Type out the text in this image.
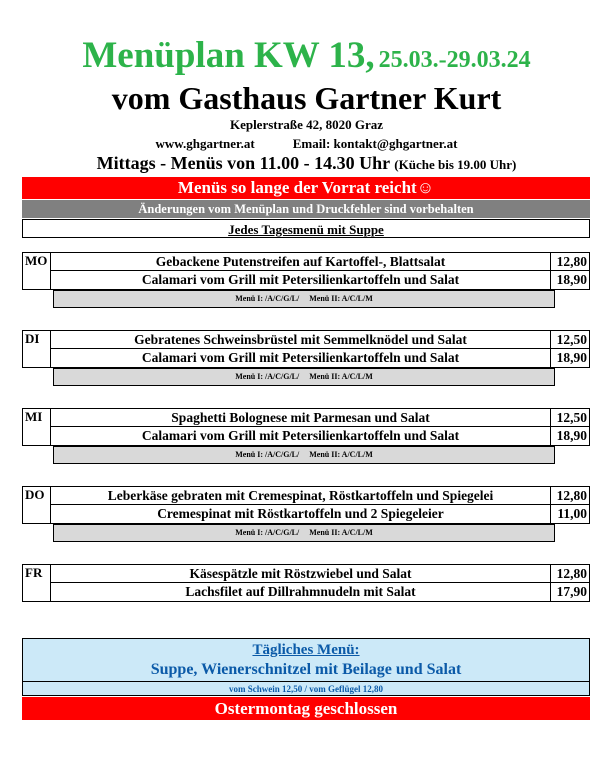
Menüplan KW 13, 25.03.-29.03.24
vom Gasthaus Gartner Kurt
Keplerstraße 42, 8020 Graz
www.ghgartner.at	Email: kontakt@ghgartner.at
Mittags - Menüs von 11.00 - 14.30 Uhr (Küche bis 19.00 Uhr)
Menüs so lange der Vorrat reicht☺
Änderungen vom Menüplan und Druckfehler sind vorbehalten
Jedes Tagesmenü mit Suppe
MO	Gebackene Putenstreifen auf Kartoffel-, Blattsalat	12,80
Calamari vom Grill mit Petersilienkartoffeln und Salat	18,90
Menü I: /A/C/G/L/     Menü II: A/C/L/M
DI	Gebratenes Schweinsbrüstel mit Semmelknödel und Salat	12,50
Calamari vom Grill mit Petersilienkartoffeln und Salat	18,90
Menü I: /A/C/G/L/     Menü II: A/C/L/M
MI	Spaghetti Bolognese mit Parmesan und Salat	12,50
Calamari vom Grill mit Petersilienkartoffeln und Salat	18,90
Menü I: /A/C/G/L/     Menü II: A/C/L/M
DO	Leberkäse gebraten mit Cremespinat, Röstkartoffeln und Spiegelei	12,80
Cremespinat mit Röstkartoffeln und 2 Spiegeleier	11,00
Menü I: /A/C/G/L/     Menü II: A/C/L/M
FR	Käsespätzle mit Röstzwiebel und Salat	12,80
Lachsfilet auf Dillrahmnudeln mit Salat	17,90
Tägliches Menü:
Suppe, Wienerschnitzel mit Beilage und Salat
vom Schwein 12,50 / vom Geflügel 12,80
Ostermontag geschlossen
